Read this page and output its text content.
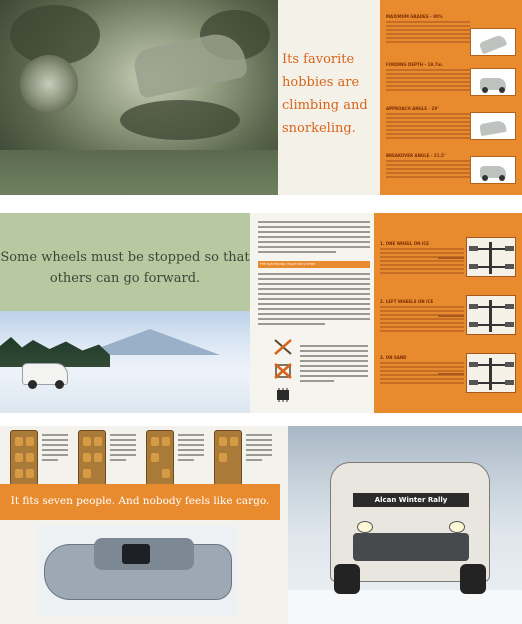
Its favorite hobbies are climbing and snorkeling.
MAXIMUM GRADES - 80%
FORDING DEPTH - 19.7in.
APPROACH ANGLE - 29°
BREAKOVER ANGLE - 21.5°
Some wheels must be stopped so that others can go forward.
THE ELECTRONIC TRACTION SYSTEM
1. ONE WHEEL ON ICE
2. LEFT WHEELS ON ICE
3. ON SAND
It fits seven people. And nobody feels like cargo.	Alcan Winter Rally
